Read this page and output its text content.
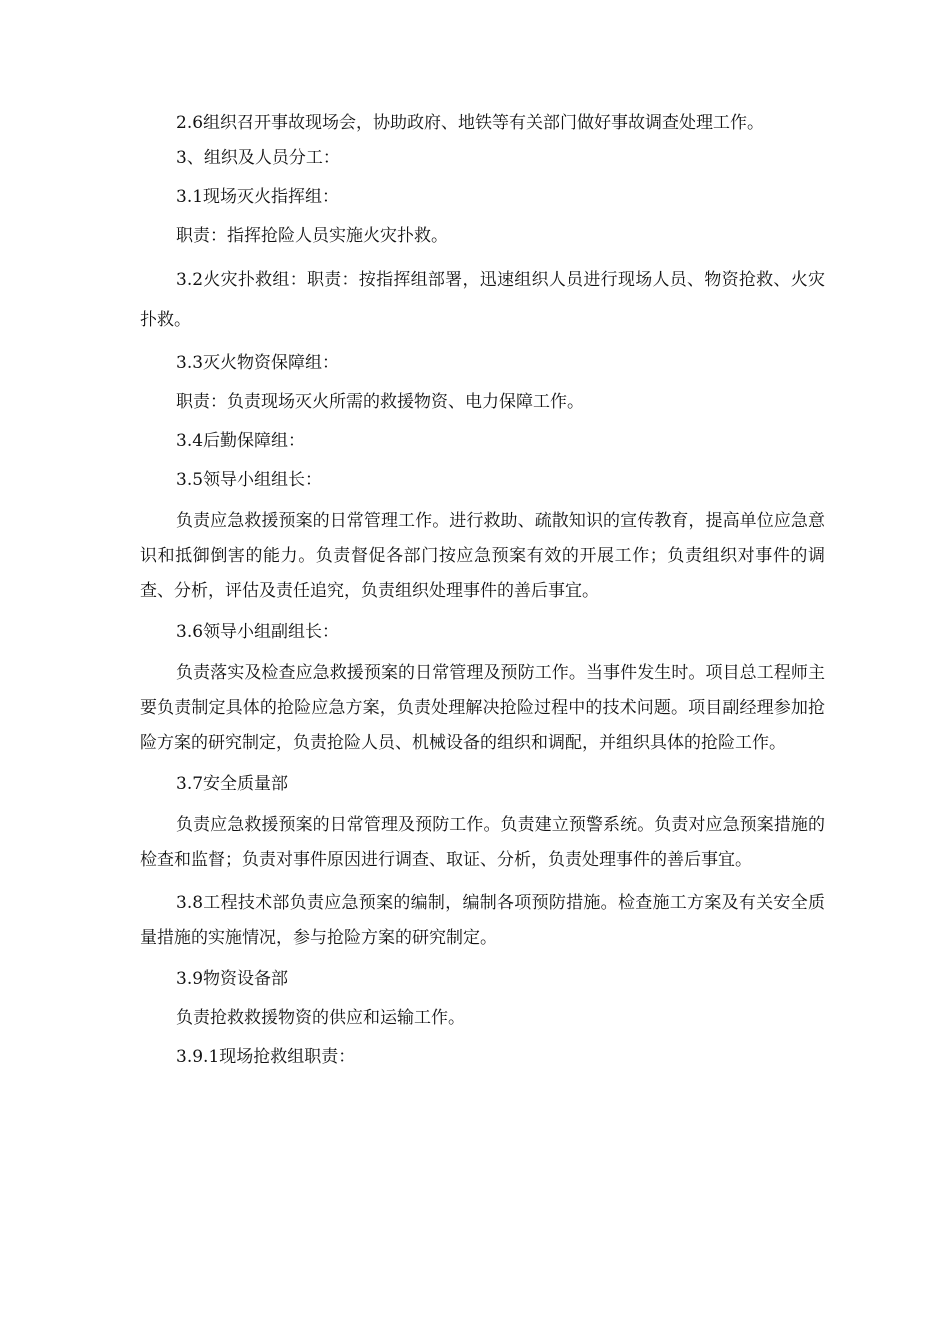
2.6组织召开事故现场会，协助政府、地铁等有关部门做好事故调查处理工作。

3、组织及人员分工：

3.1现场灭火指挥组：

职责：指挥抢险人员实施火灾扑救。

3.2火灾扑救组：职责：按指挥组部署，迅速组织人员进行现场人员、物资抢救、火灾扑救。

3.3灭火物资保障组：

职责：负责现场灭火所需的救援物资、电力保障工作。

3.4后勤保障组：

3.5领导小组组长：

负责应急救援预案的日常管理工作。进行救助、疏散知识的宣传教育，提高单位应急意识和抵御倒害的能力。负责督促各部门按应急预案有效的开展工作；负责组织对事件的调查、分析，评估及责任追究，负责组织处理事件的善后事宜。

3.6领导小组副组长：

负责落实及检查应急救援预案的日常管理及预防工作。当事件发生时。项目总工程师主要负责制定具体的抢险应急方案，负责处理解决抢险过程中的技术问题。项目副经理参加抢险方案的研究制定，负责抢险人员、机械设备的组织和调配，并组织具体的抢险工作。

3.7安全质量部

负责应急救援预案的日常管理及预防工作。负责建立预警系统。负责对应急预案措施的检查和监督；负责对事件原因进行调查、取证、分析，负责处理事件的善后事宜。

3.8工程技术部负责应急预案的编制，编制各项预防措施。检查施工方案及有关安全质量措施的实施情况，参与抢险方案的研究制定。

3.9物资设备部

负责抢救救援物资的供应和运输工作。

3.9.1现场抢救组职责：
